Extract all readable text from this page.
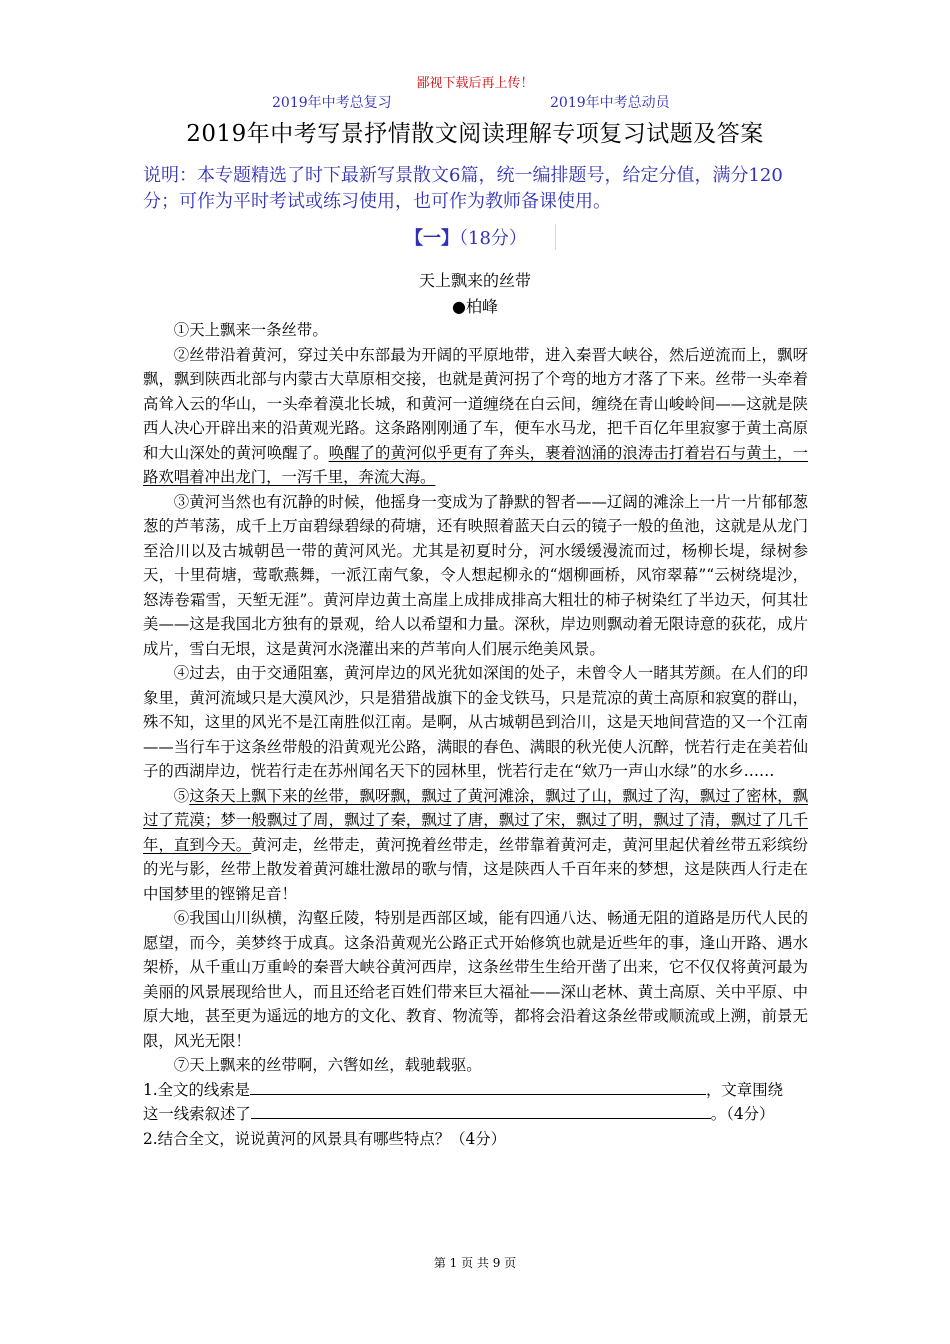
鄙视下载后再上传！
2019年中考总复习	2019年中考总动员
2019年中考写景抒情散文阅读理解专项复习试题及答案
说明：本专题精选了时下最新写景散文6篇，统一编排题号，给定分值，满分120分；可作为平时考试或练习使用，也可作为教师备课使用。
【一】（18分）
天上飘来的丝带
●柏峰

①天上飘来一条丝带。

②丝带沿着黄河，穿过关中东部最为开阔的平原地带，进入秦晋大峡谷，然后逆流而上，飘呀飘，飘到陕西北部与内蒙古大草原相交接，也就是黄河拐了个弯的地方才落了下来。丝带一头牵着高耸入云的华山，一头牵着漠北长城，和黄河一道缠绕在白云间，缠绕在青山峻岭间——这就是陕西人决心开辟出来的沿黄观光路。这条路刚刚通了车，便车水马龙，把千百亿年里寂寥于黄土高原和大山深处的黄河唤醒了。唤醒了的黄河似乎更有了奔头，裹着汹涌的浪涛击打着岩石与黄土，一路欢唱着冲出龙门，一泻千里，奔流大海。

③黄河当然也有沉静的时候，他摇身一变成为了静默的智者——辽阔的滩涂上一片一片郁郁葱葱的芦苇荡，成千上万亩碧绿碧绿的荷塘，还有映照着蓝天白云的镜子一般的鱼池，这就是从龙门至洽川以及古城朝邑一带的黄河风光。尤其是初夏时分，河水缓缓漫流而过，杨柳长堤，绿树参天，十里荷塘，莺歌燕舞，一派江南气象，令人想起柳永的“烟柳画桥，风帘翠幕”“云树绕堤沙，怒涛卷霜雪，天堑无涯”。黄河岸边黄土高崖上成排成排高大粗壮的柿子树染红了半边天，何其壮美——这是我国北方独有的景观，给人以希望和力量。深秋，岸边则飘动着无限诗意的荻花，成片成片，雪白无垠，这是黄河水浇灌出来的芦苇向人们展示绝美风景。

④过去，由于交通阻塞，黄河岸边的风光犹如深闺的处子，未曾令人一睹其芳颜。在人们的印象里，黄河流域只是大漠风沙，只是猎猎战旗下的金戈铁马，只是荒凉的黄土高原和寂寞的群山，殊不知，这里的风光不是江南胜似江南。是啊，从古城朝邑到洽川，这是天地间营造的又一个江南——当行车于这条丝带般的沿黄观光公路，满眼的春色、满眼的秋光使人沉醉，恍若行走在美若仙子的西湖岸边，恍若行走在苏州闻名天下的园林里，恍若行走在“欸乃一声山水绿”的水乡……

⑤这条天上飘下来的丝带，飘呀飘，飘过了黄河滩涂，飘过了山，飘过了沟，飘过了密林，飘过了荒漠；梦一般飘过了周，飘过了秦，飘过了唐，飘过了宋，飘过了明，飘过了清，飘过了几千年，直到今天。黄河走，丝带走，黄河挽着丝带走，丝带靠着黄河走，黄河里起伏着丝带五彩缤纷的光与影，丝带上散发着黄河雄壮激昂的歌与情，这是陕西人千百年来的梦想，这是陕西人行走在中国梦里的铿锵足音！

⑥我国山川纵横，沟壑丘陵，特别是西部区域，能有四通八达、畅通无阻的道路是历代人民的愿望，而今，美梦终于成真。这条沿黄观光公路正式开始修筑也就是近些年的事，逢山开路、遇水架桥，从千重山万重岭的秦晋大峡谷黄河西岸，这条丝带生生给开凿了出来，它不仅仅将黄河最为美丽的风景展现给世人，而且还给老百姓们带来巨大福祉——深山老林、黄土高原、关中平原、中原大地，甚至更为遥远的地方的文化、教育、物流等，都将会沿着这条丝带或顺流或上溯，前景无限，风光无限！

⑦天上飘来的丝带啊，六辔如丝，载驰载驱。

1.全文的线索是	，文章围绕
这一线索叙述了	。（4分）
2.结合全文，说说黄河的风景具有哪些特点？（4分）
第 1 页 共 9 页
